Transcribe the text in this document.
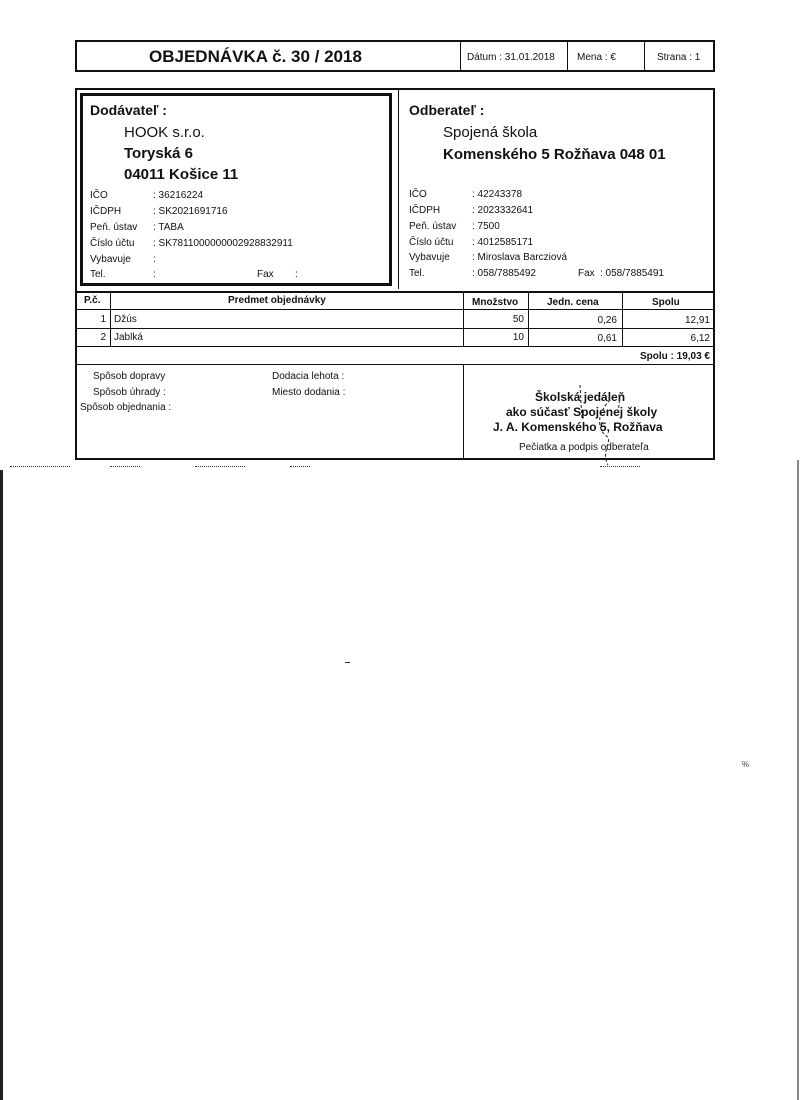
OBJEDNÁVKA č. 30 / 2018	Dátum : 31.01.2018 Mena : €	Strana : 1
Dodávateľ :
HOOK s.r.o.
Toryská 6
04011 Košice 11
IČO	: 36216224
IČDPH	: SK2021691716
Peň. ústav : TABA
Číslo účtu : SK7811000000002928832911
Vybavuje :
Tel.	:	Fax :
Odberateľ :
Spojená škola
Komenského 5 Rožňava 048 01
IČO	: 42243378
IČDPH	: 2023332641
Peň. ústav : 7500
Číslo účtu : 4012585171
Vybavuje : Miroslava Barcziová
Tel.	: 058/7885492	Fax : 058/7885491
P.č.	Predmet objednávky	Množstvo	Jedn. cena	Spolu
1 Džús	50	0,26	12,91
2 Jablká	10	0,61	6,12
Spolu : 19,03 €
Spôsob dopravy
Spôsob úhrady :
Spôsob objednania :
Dodacia lehota :
Miesto dodania :	Školská jedáleň
ako súčasť Spojenej školy
J. A. Komenského 5, Rožňava
Pečiatka a podpis odberateľa
%
